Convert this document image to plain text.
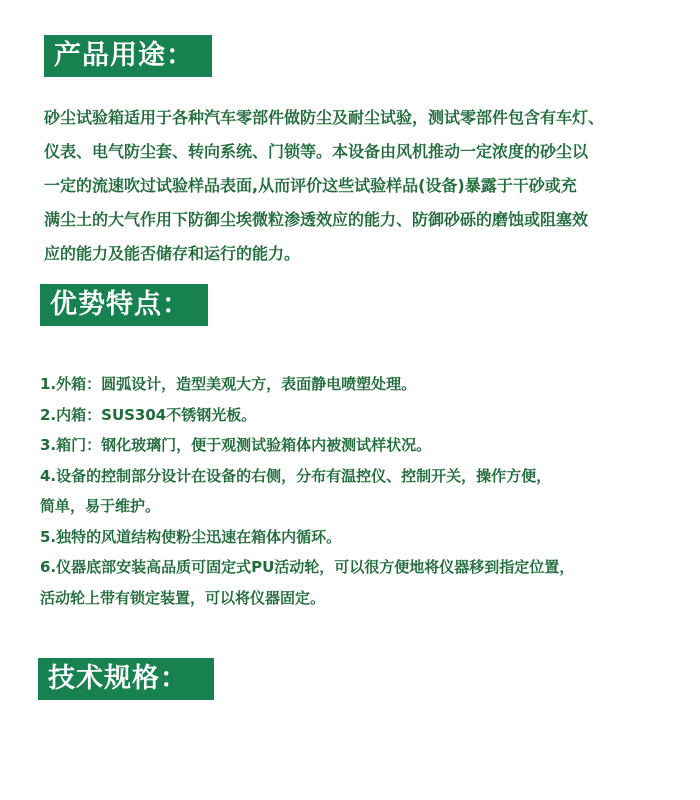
产品用途：

砂尘试验箱适用于各种汽车零部件做防尘及耐尘试验，测试零部件包含有车灯、
仪表、电气防尘套、转向系统、门锁等。本设备由风机推动一定浓度的砂尘以
一定的流速吹过试验样品表面,从而评价这些试验样品(设备)暴露于干砂或充
满尘土的大气作用下防御尘埃微粒渗透效应的能力、防御砂砾的磨蚀或阻塞效
应的能力及能否储存和运行的能力。

优势特点：
1.外箱：圆弧设计，造型美观大方，表面静电喷塑处理。
2.内箱：SUS304不锈钢光板。
3.箱门：钢化玻璃门，便于观测试验箱体内被测试样状况。
4.设备的控制部分设计在设备的右侧，分布有温控仪、控制开关，操作方便，
简单，易于维护。
5.独特的风道结构使粉尘迅速在箱体内循环。
6.仪器底部安装高品质可固定式PU活动轮，可以很方便地将仪器移到指定位置，
活动轮上带有锁定装置，可以将仪器固定。
技术规格：
